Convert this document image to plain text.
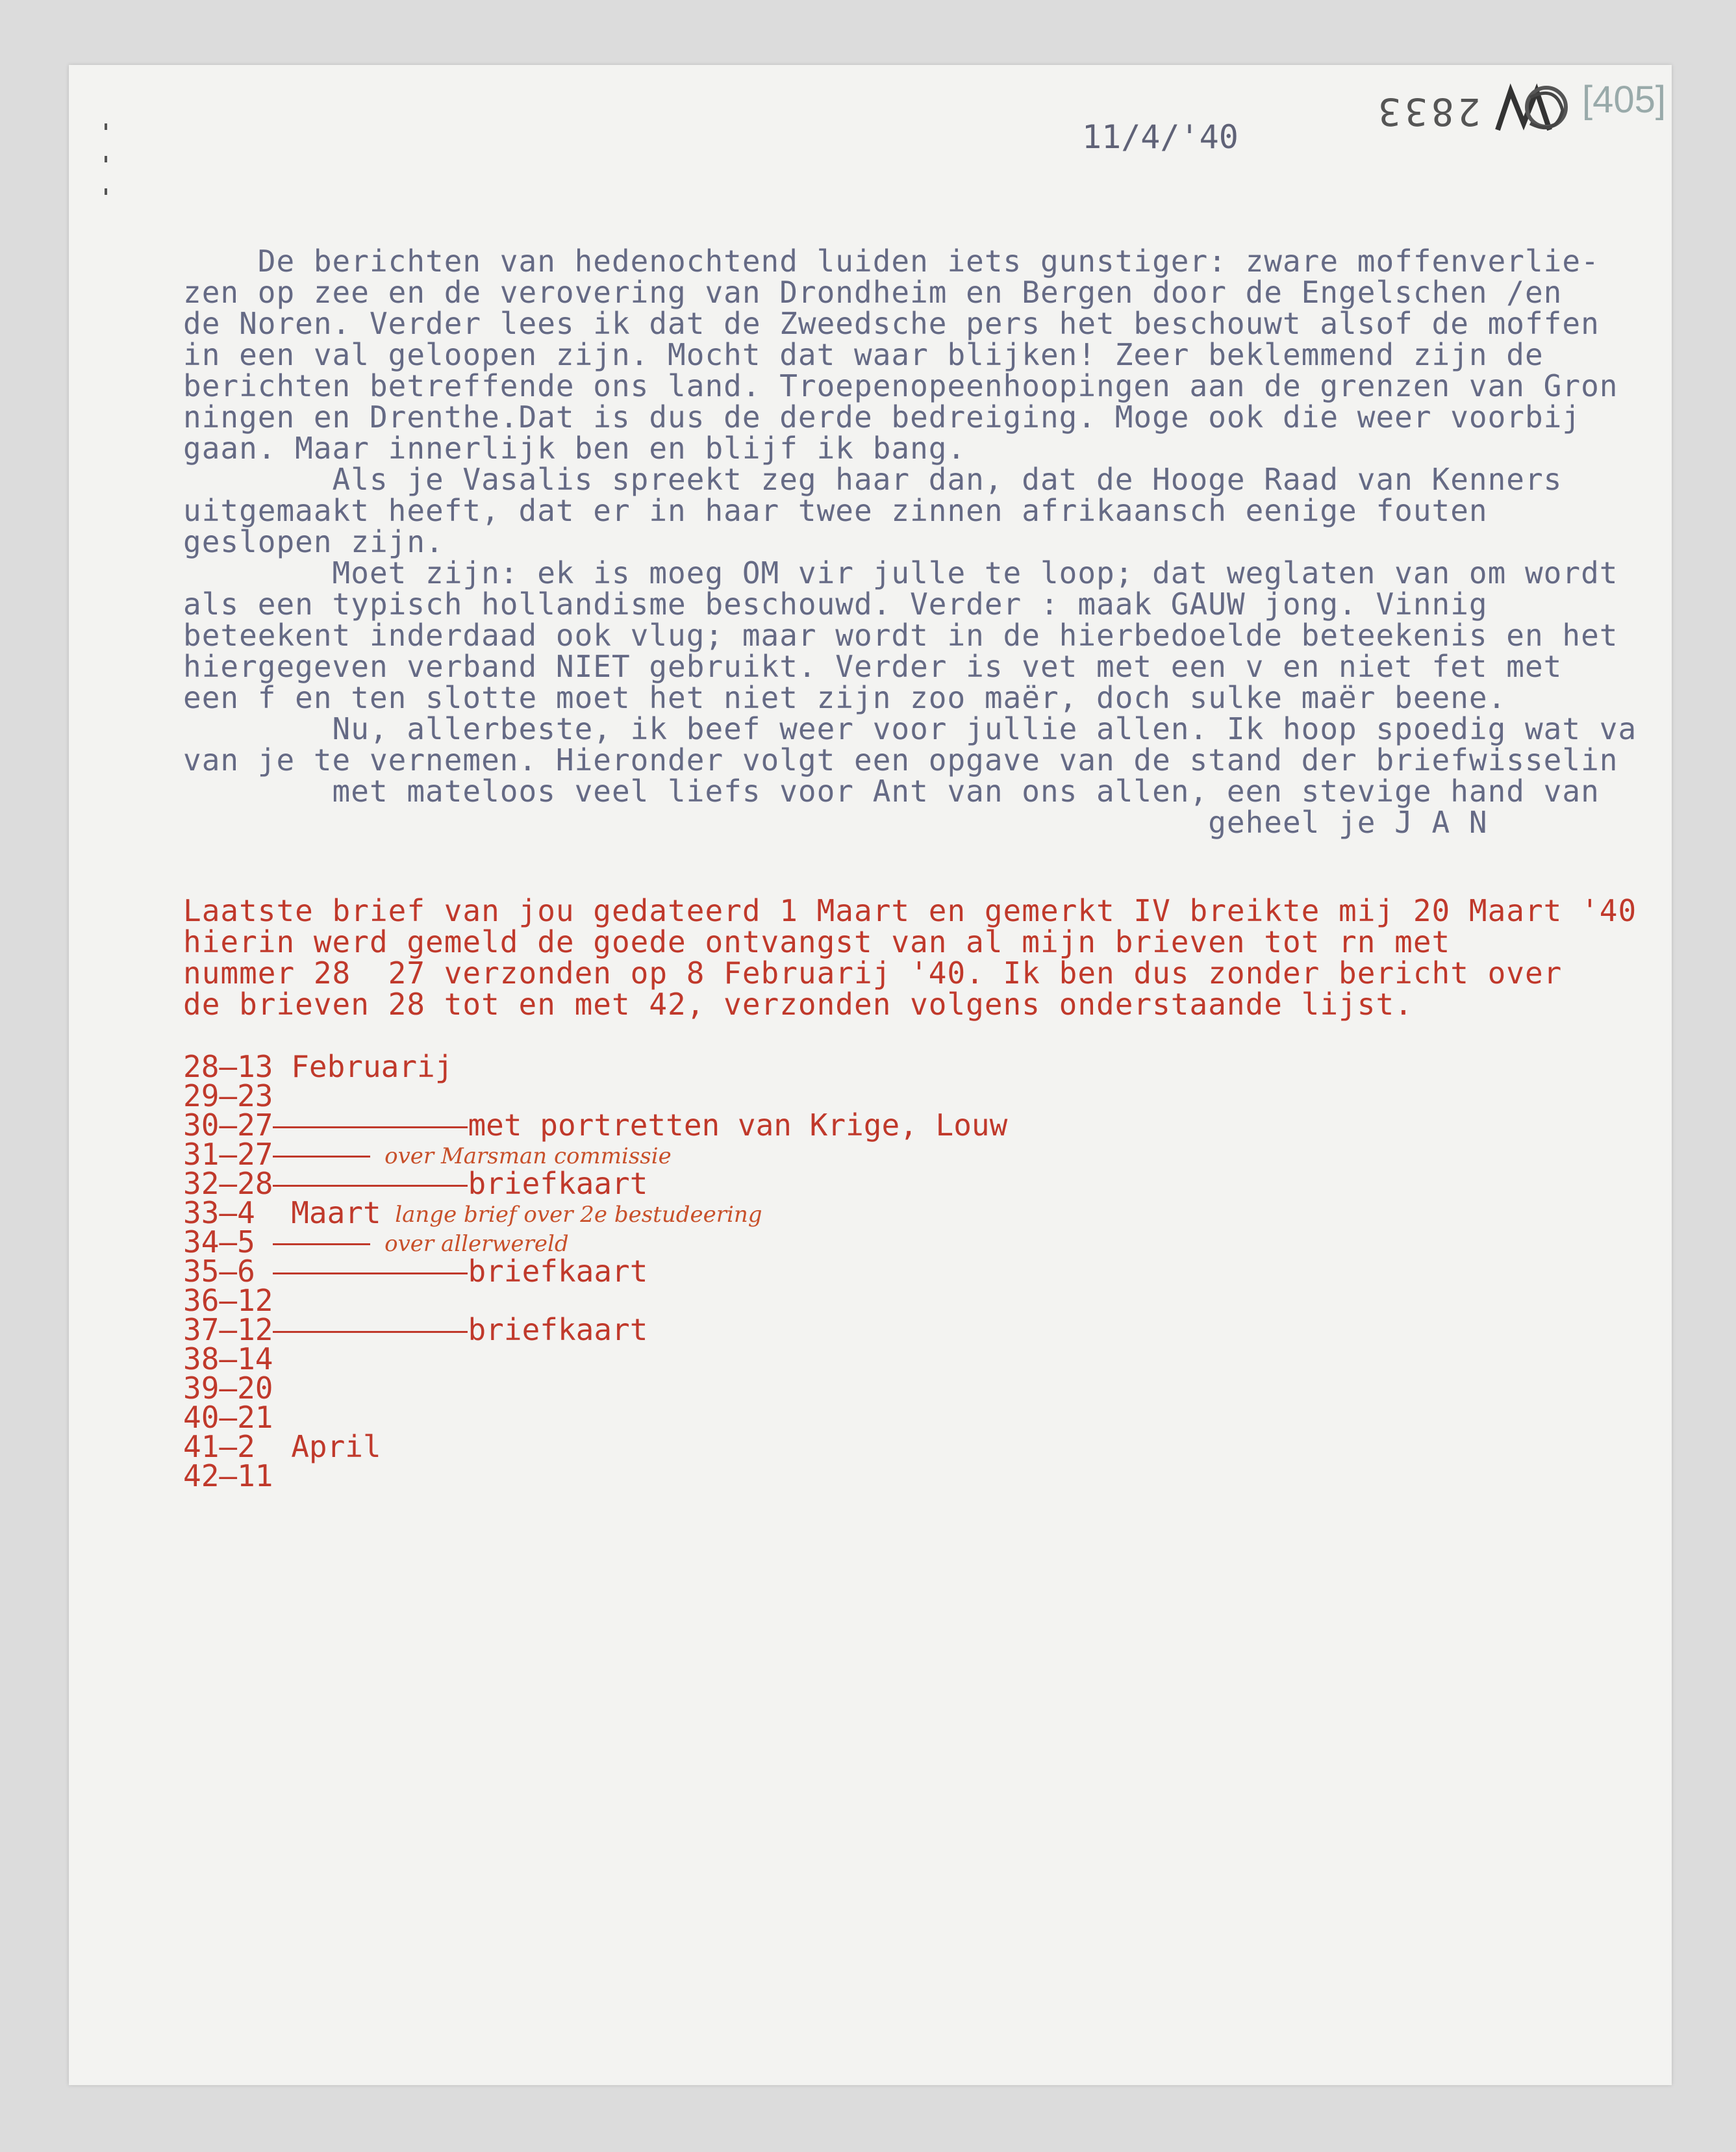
2833	[405]
11/4/'40
De berichten van hedenochtend luiden iets gunstiger: zware moffenverlie-
zen op zee en de verovering van Drondheim en Bergen door de Engelschen /en
de Noren. Verder lees ik dat de Zweedsche pers het beschouwt alsof de moffen
in een val geloopen zijn. Mocht dat waar blijken! Zeer beklemmend zijn de
berichten betreffende ons land. Troepenopeenhoopingen aan de grenzen van Gron
ningen en Drenthe.Dat is dus de derde bedreiging. Moge ook die weer voorbij
gaan. Maar innerlijk ben en blijf ik bang.
Als je Vasalis spreekt zeg haar dan, dat de Hooge Raad van Kenners
uitgemaakt heeft, dat er in haar twee zinnen afrikaansch eenige fouten
geslopen zijn.
Moet zijn: ek is moeg OM vir julle te loop; dat weglaten van om wordt
als een typisch hollandisme beschouwd. Verder : maak GAUW jong. Vinnig
beteekent inderdaad ook vlug; maar wordt in de hierbedoelde beteekenis en het
hiergegeven verband NIET gebruikt. Verder is vet met een v en niet fet met
een f en ten slotte moet het niet zijn zoo maër, doch sulke maër beene.
Nu, allerbeste, ik beef weer voor jullie allen. Ik hoop spoedig wat va
van je te vernemen. Hieronder volgt een opgave van de stand der briefwisselin
met mateloos veel liefs voor Ant van ons allen, een stevige hand van
geheel je J A N
Laatste brief van jou gedateerd 1 Maart en gemerkt IV breikte mij 20 Maart '40
hierin werd gemeld de goede ontvangst van al mijn brieven tot rn met
nummer 28  27 verzonden op 8 Februarij '40. Ik ben dus zonder bericht over
de brieven 28 tot en met 42, verzonden volgens onderstaande lijst.
28—13 Februarij
29—23
30—27	met portretten van Krige, Louw
31—27	over Marsman commissie
32—28	briefkaart
33—4  Maart  lange brief over 2e bestudeering
34—5	over allerwereld
35—6	briefkaart
36—12
37—12	briefkaart
38—14
39—20
40—21
41—2  April
42—11
